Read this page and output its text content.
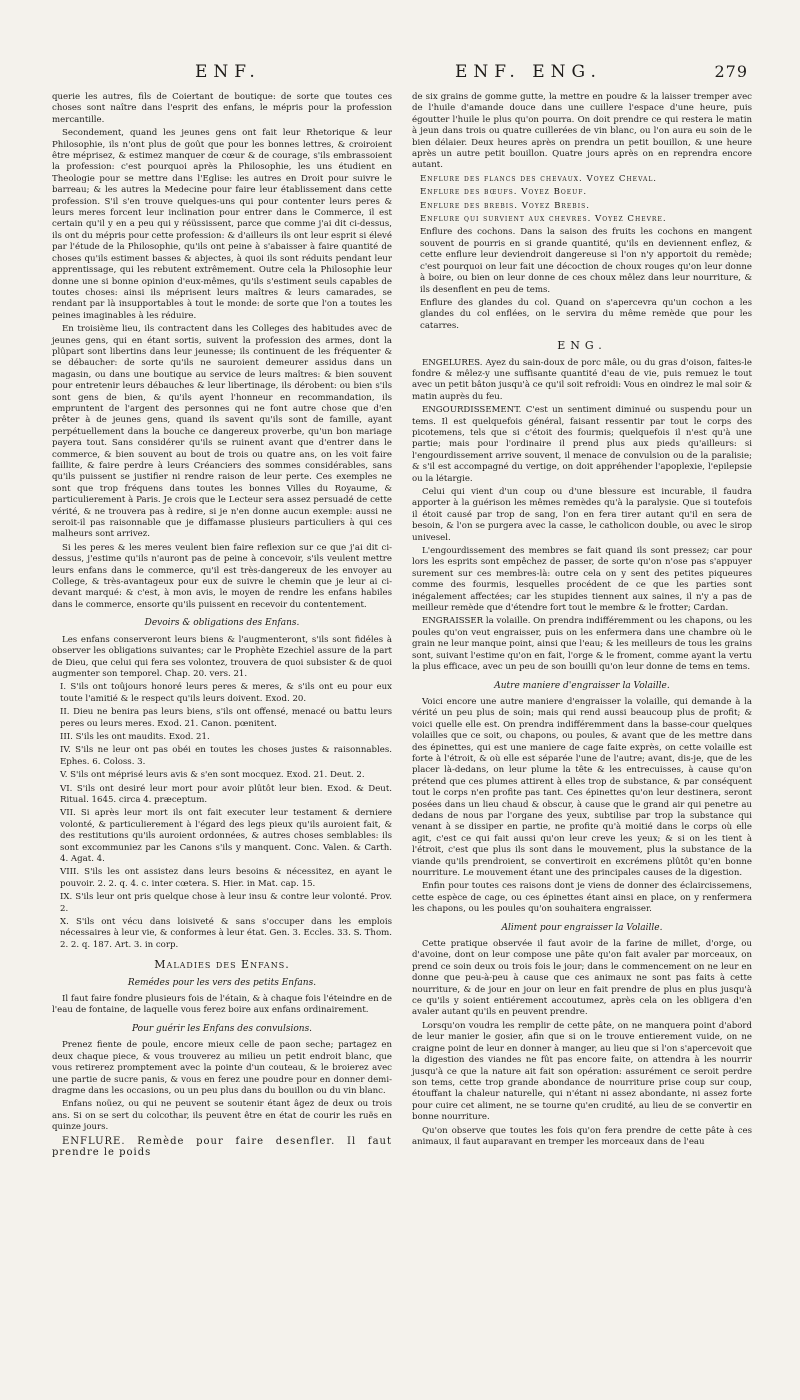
ENF.	ENF. ENG.	279

querie les autres, fils de Coiertant de boutique: de sorte que toutes ces choses sont naître dans l'esprit des enfans, le mépris pour la profession mercantille.

Secondement, quand les jeunes gens ont fait leur Rhetorique & leur Philosophie, ils n'ont plus de goût que pour les bonnes lettres, & croiroient être méprisez, & estimez manquer de cœur & de courage, s'ils embrassoient la profession: c'est pourquoi après la Philosophie, les uns étudient en Theologie pour se mettre dans l'Eglise: les autres en Droit pour suivre le barreau; & les autres la Medecine pour faire leur établissement dans cette profession. S'il s'en trouve quelques-uns qui pour contenter leurs peres & leurs meres forcent leur inclination pour entrer dans le Commerce, il est certain qu'il y en a peu qui y réüssissent, parce que comme j'ai dit ci-dessus, ils ont du mépris pour cette profession: & d'ailleurs ils ont leur esprit si élevé par l'étude de la Philosophie, qu'ils ont peine à s'abaisser à faire quantité de choses qu'ils estiment basses & abjectes, à quoi ils sont réduits pendant leur apprentissage, qui les rebutent extrêmement. Outre cela la Philosophie leur donne une si bonne opinion d'eux-mêmes, qu'ils s'estiment seuls capables de toutes choses: ainsi ils méprisent leurs maîtres & leurs camarades, se rendant par là insupportables à tout le monde: de sorte que l'on a toutes les peines imaginables à les réduire.

En troisième lieu, ils contractent dans les Colleges des habitudes avec de jeunes gens, qui en étant sortis, suivent la profession des armes, dont la plûpart sont libertins dans leur jeunesse; ils continuent de les fréquenter & se débaucher: de sorte qu'ils ne sauroient demeurer assidus dans un magasin, ou dans une boutique au service de leurs maîtres: & bien souvent pour entretenir leurs débauches & leur libertinage, ils dérobent: ou bien s'ils sont gens de bien, & qu'ils ayent l'honneur en recommandation, ils empruntent de l'argent des personnes qui ne font autre chose que d'en prêter à de jeunes gens, quand ils savent qu'ils sont de famille, ayant perpétuellement dans la bouche ce dangereux proverbe, qu'un bon mariage payera tout. Sans considérer qu'ils se ruinent avant que d'entrer dans le commerce, & bien souvent au bout de trois ou quatre ans, on les voit faire faillite, & faire perdre à leurs Créanciers des sommes considérables, sans qu'ils puissent se justifier ni rendre raison de leur perte. Ces exemples ne sont que trop fréquens dans toutes les bonnes Villes du Royaume, & particulierement à Paris. Je crois que le Lecteur sera assez persuadé de cette vérité, & ne trouvera pas à redire, si je n'en donne aucun exemple: aussi ne seroit-il pas raisonnable que je diffamasse plusieurs particuliers à qui ces malheurs sont arrivez.

Si les peres & les meres veulent bien faire reflexion sur ce que j'ai dit ci-dessus, j'estime qu'ils n'auront pas de peine à concevoir, s'ils veulent mettre leurs enfans dans le commerce, qu'il est très-dangereux de les envoyer au College, & très-avantageux pour eux de suivre le chemin que je leur ai ci-devant marqué: & c'est, à mon avis, le moyen de rendre les enfans habiles dans le commerce, ensorte qu'ils puissent en recevoir du contentement.

Devoirs & obligations des Enfans.

Les enfans conserveront leurs biens & l'augmenteront, s'ils sont fidéles à observer les obligations suivantes; car le Prophète Ezechiel assure de la part de Dieu, que celui qui fera ses volontez, trouvera de quoi subsister & de quoi augmenter son temporel. Chap. 20. vers. 21.

I. S'ils ont toûjours honoré leurs peres & meres, & s'ils ont eu pour eux toute l'amitié & le respect qu'ils leurs doivent. Exod. 20.

II. Dieu ne benira pas leurs biens, s'ils ont offensé, menacé ou battu leurs peres ou leurs meres. Exod. 21. Canon. pœnitent.

III. S'ils les ont maudits. Exod. 21.

IV. S'ils ne leur ont pas obéi en toutes les choses justes & raisonnables. Ephes. 6. Coloss. 3.

V. S'ils ont méprisé leurs avis & s'en sont mocquez. Exod. 21. Deut. 2.

VI. S'ils ont desiré leur mort pour avoir plûtôt leur bien. Exod. & Deut. Ritual. 1645. circa 4. præceptum.

VII. Si après leur mort ils ont fait executer leur testament & derniere volonté, & particulierement à l'égard des legs pieux qu'ils auroient fait, & des restitutions qu'ils auroient ordonnées, & autres choses semblables: ils sont excommuniez par les Canons s'ils y manquent. Conc. Valen. & Carth. 4. Agat. 4.

VIII. S'ils les ont assistez dans leurs besoins & nécessitez, en ayant le pouvoir. 2. 2. q. 4. c. inter cœtera. S. Hier. in Mat. cap. 15.

IX. S'ils leur ont pris quelque chose à leur insu & contre leur volonté. Prov. 2.

X. S'ils ont vécu dans loisiveté & sans s'occuper dans les emplois nécessaires à leur vie, & conformes à leur état. Gen. 3. Eccles. 33. S. Thom. 2. 2. q. 187. Art. 3. in corp.

Maladies des Enfans.
Remédes pour les vers des petits Enfans.

Il faut faire fondre plusieurs fois de l'étain, & à chaque fois l'éteindre en de l'eau de fontaine, de laquelle vous ferez boire aux enfans ordinairement.

Pour guérir les Enfans des convulsions.

Prenez fiente de poule, encore mieux celle de paon seche; partagez en deux chaque piece, & vous trouverez au milieu un petit endroit blanc, que vous retirerez promptement avec la pointe d'un couteau, & le broierez avec une partie de sucre panis, & vous en ferez une poudre pour en donner demi-dragme dans les occasions, ou un peu plus dans du bouillon ou du vin blanc.

Enfans noüez, ou qui ne peuvent se soutenir étant âgez de deux ou trois ans. Si on se sert du colcothar, ils peuvent être en état de courir les ruës en quinze jours.

ENFLURE. Remède pour faire desenfler. Il faut prendre le poids

de six grains de gomme gutte, la mettre en poudre & la laisser tremper avec de l'huile d'amande douce dans une cuillere l'espace d'une heure, puis égoutter l'huile le plus qu'on pourra. On doit prendre ce qui restera le matin à jeun dans trois ou quatre cuillerées de vin blanc, ou l'on aura eu soin de le bien délaier. Deux heures après on prendra un petit bouillon, & une heure après un autre petit bouillon. Quatre jours après on en reprendra encore autant.

Enflure des flancs des chevaux. Voyez Cheval.

Enflure des bœufs. Voyez Boeuf.

Enflure des brebis. Voyez Brebis.

Enflure qui survient aux chevres. Voyez Chevre.

Enflure des cochons. Dans la saison des fruits les cochons en mangent souvent de pourris en si grande quantité, qu'ils en deviennent enflez, & cette enflure leur deviendroit dangereuse si l'on n'y apportoit du remède; c'est pourquoi on leur fait une décoction de choux rouges qu'on leur donne à boire, ou bien on leur donne de ces choux mêlez dans leur nourriture, & ils desenflent en peu de tems.

Enflure des glandes du col. Quand on s'apercevra qu'un cochon a les glandes du col enflées, on le servira du même remède que pour les catarres.

ENG.

ENGELURES. Ayez du sain-doux de porc mâle, ou du gras d'oison, faites-le fondre & mêlez-y une suffisante quantité d'eau de vie, puis remuez le tout avec un petit bâton jusqu'à ce qu'il soit refroidi: Vous en oindrez le mal soir & matin auprès du feu.

ENGOURDISSEMENT. C'est un sentiment diminué ou suspendu pour un tems. Il est quelquefois général, faisant ressentir par tout le corps des picotemens, tels que si c'étoit des fourmis; quelquefois il n'est qu'à une partie; mais pour l'ordinaire il prend plus aux pieds qu'ailleurs: si l'engourdissement arrive souvent, il menace de convulsion ou de la paralisie; & s'il est accompagné du vertige, on doit appréhender l'apoplexie, l'epilepsie ou la létargie.

Celui qui vient d'un coup ou d'une blessure est incurable, il faudra apporter à la guérison les mêmes remèdes qu'à la paralysie. Que si toutefois il étoit causé par trop de sang, l'on en fera tirer autant qu'il en sera de besoin, & l'on se purgera avec la casse, le catholicon double, ou avec le sirop univesel.

L'engourdissement des membres se fait quand ils sont pressez; car pour lors les esprits sont empêchez de passer, de sorte qu'on n'ose pas s'appuyer surement sur ces membres-là: outre cela on y sent des petites piqueures comme des fourmis, lesquelles procédent de ce que les parties sont inégalement affectées; car les stupides tiennent aux saines, il n'y a pas de meilleur remède que d'étendre fort tout le membre & le frotter; Cardan.

ENGRAISSER la volaille. On prendra indifféremment ou les chapons, ou les poules qu'on veut engraisser, puis on les enfermera dans une chambre où le grain ne leur manque point, ainsi que l'eau; & les meilleurs de tous les grains sont, suivant l'estime qu'on en fait, l'orge & le froment, comme ayant la vertu la plus efficace, avec un peu de son bouilli qu'on leur donne de tems en tems.

Autre maniere d'engraisser la Volaille.

Voici encore une autre maniere d'engraisser la volaille, qui demande à la vérité un peu plus de soin; mais qui rend aussi beaucoup plus de profit; & voici quelle elle est. On prendra indifféremment dans la basse-cour quelques volailles que ce soit, ou chapons, ou poules, & avant que de les mettre dans des épinettes, qui est une maniere de cage faite exprès, on cette volaille est forte à l'étroit, & où elle est séparée l'une de l'autre; avant, dis-je, que de les placer là-dedans, on leur plume la tête & les entrecuisses, à cause qu'on prétend que ces plumes attirent à elles trop de substance, & par conséquent tout le corps n'en profite pas tant. Ces épinettes qu'on leur destinera, seront posées dans un lieu chaud & obscur, à cause que le grand air qui penetre au dedans de nous par l'organe des yeux, subtilise par trop la substance qui venant à se dissiper en partie, ne profite qu'à moitié dans le corps où elle agit, c'est ce qui fait aussi qu'on leur creve les yeux; & si on les tient à l'étroit, c'est que plus ils sont dans le mouvement, plus la substance de la viande qu'ils prendroient, se convertiroit en excrémens plûtôt qu'en bonne nourriture. Le mouvement étant une des principales causes de la digestion.

Enfin pour toutes ces raisons dont je viens de donner des éclaircissemens, cette espèce de cage, ou ces épinettes étant ainsi en place, on y renfermera les chapons, ou les poules qu'on souhaitera engraisser.

Aliment pour engraisser la Volaille.

Cette pratique observée il faut avoir de la farine de millet, d'orge, ou d'avoine, dont on leur compose une pâte qu'on fait avaler par morceaux, on prend ce soin deux ou trois fois le jour; dans le commencement on ne leur en donne que peu-à-peu à cause que ces animaux ne sont pas faits à cette nourriture, & de jour en jour on leur en fait prendre de plus en plus jusqu'à ce qu'ils y soient entiérement accoutumez, après cela on les obligera d'en avaler autant qu'ils en peuvent prendre.

Lorsqu'on voudra les remplir de cette pâte, on ne manquera point d'abord de leur manier le gosier, afin que si on le trouve entierement vuide, on ne craigne point de leur en donner à manger, au lieu que si l'on s'apercevoit que la digestion des viandes ne fût pas encore faite, on attendra à les nourrir jusqu'à ce que la nature ait fait son opération: assurément ce seroit perdre son tems, cette trop grande abondance de nourriture prise coup sur coup, étouffant la chaleur naturelle, qui n'étant ni assez abondante, ni assez forte pour cuire cet aliment, ne se tourne qu'en crudité, au lieu de se convertir en bonne nourriture.

Qu'on observe que toutes les fois qu'on fera prendre de cette pâte à ces animaux, il faut auparavant en tremper les morceaux dans de l'eau
